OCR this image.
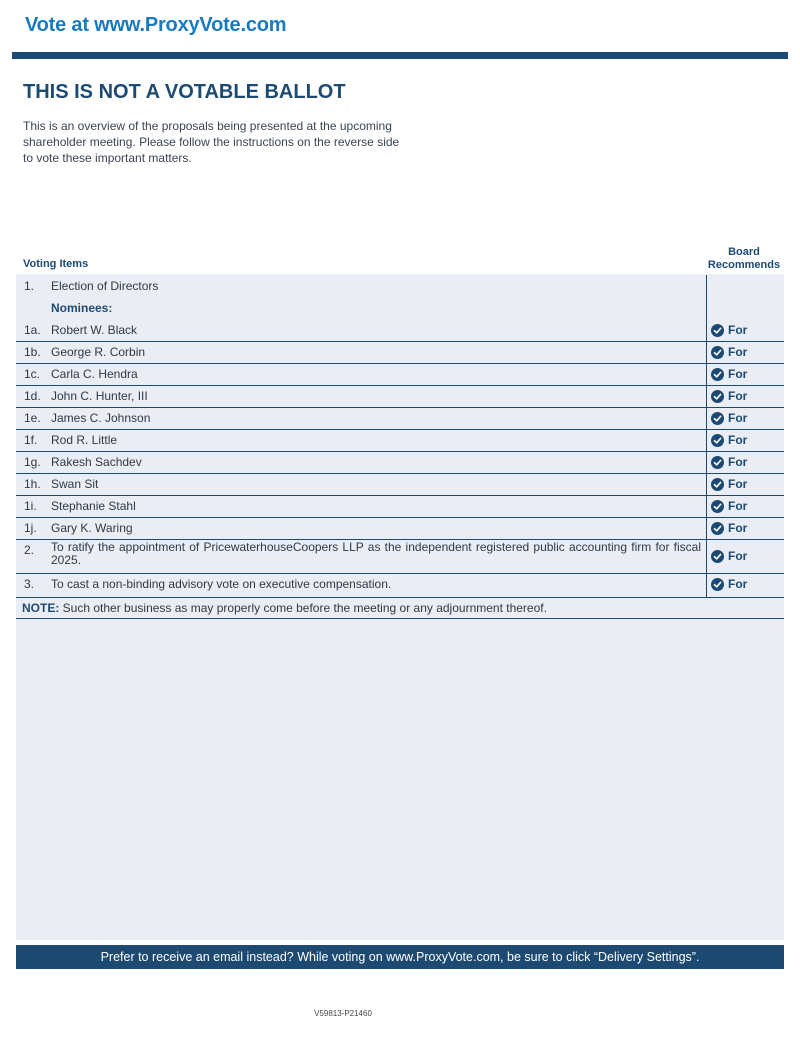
Vote at www.ProxyVote.com
THIS IS NOT A VOTABLE BALLOT
This is an overview of the proposals being presented at the upcoming shareholder meeting. Please follow the instructions on the reverse side to vote these important matters.
Voting Items
Board
Recommends
1. Election of Directors
Nominees:
1a. Robert W. Black	For
1b. George R. Corbin	For
1c. Carla C. Hendra	For
1d. John C. Hunter, III	For
1e. James C. Johnson	For
1f. Rod R. Little	For
1g. Rakesh Sachdev	For
1h. Swan Sit	For
1i. Stephanie Stahl	For
1j. Gary K. Waring	For
2. To ratify the appointment of PricewaterhouseCoopers LLP as the independent registered public accounting firm for fiscal 2025.	For
3. To cast a non-binding advisory vote on executive compensation.	For
NOTE: Such other business as may properly come before the meeting or any adjournment thereof.
Prefer to receive an email instead? While voting on www.ProxyVote.com, be sure to click “Delivery Settings”.
V59813-P21460
